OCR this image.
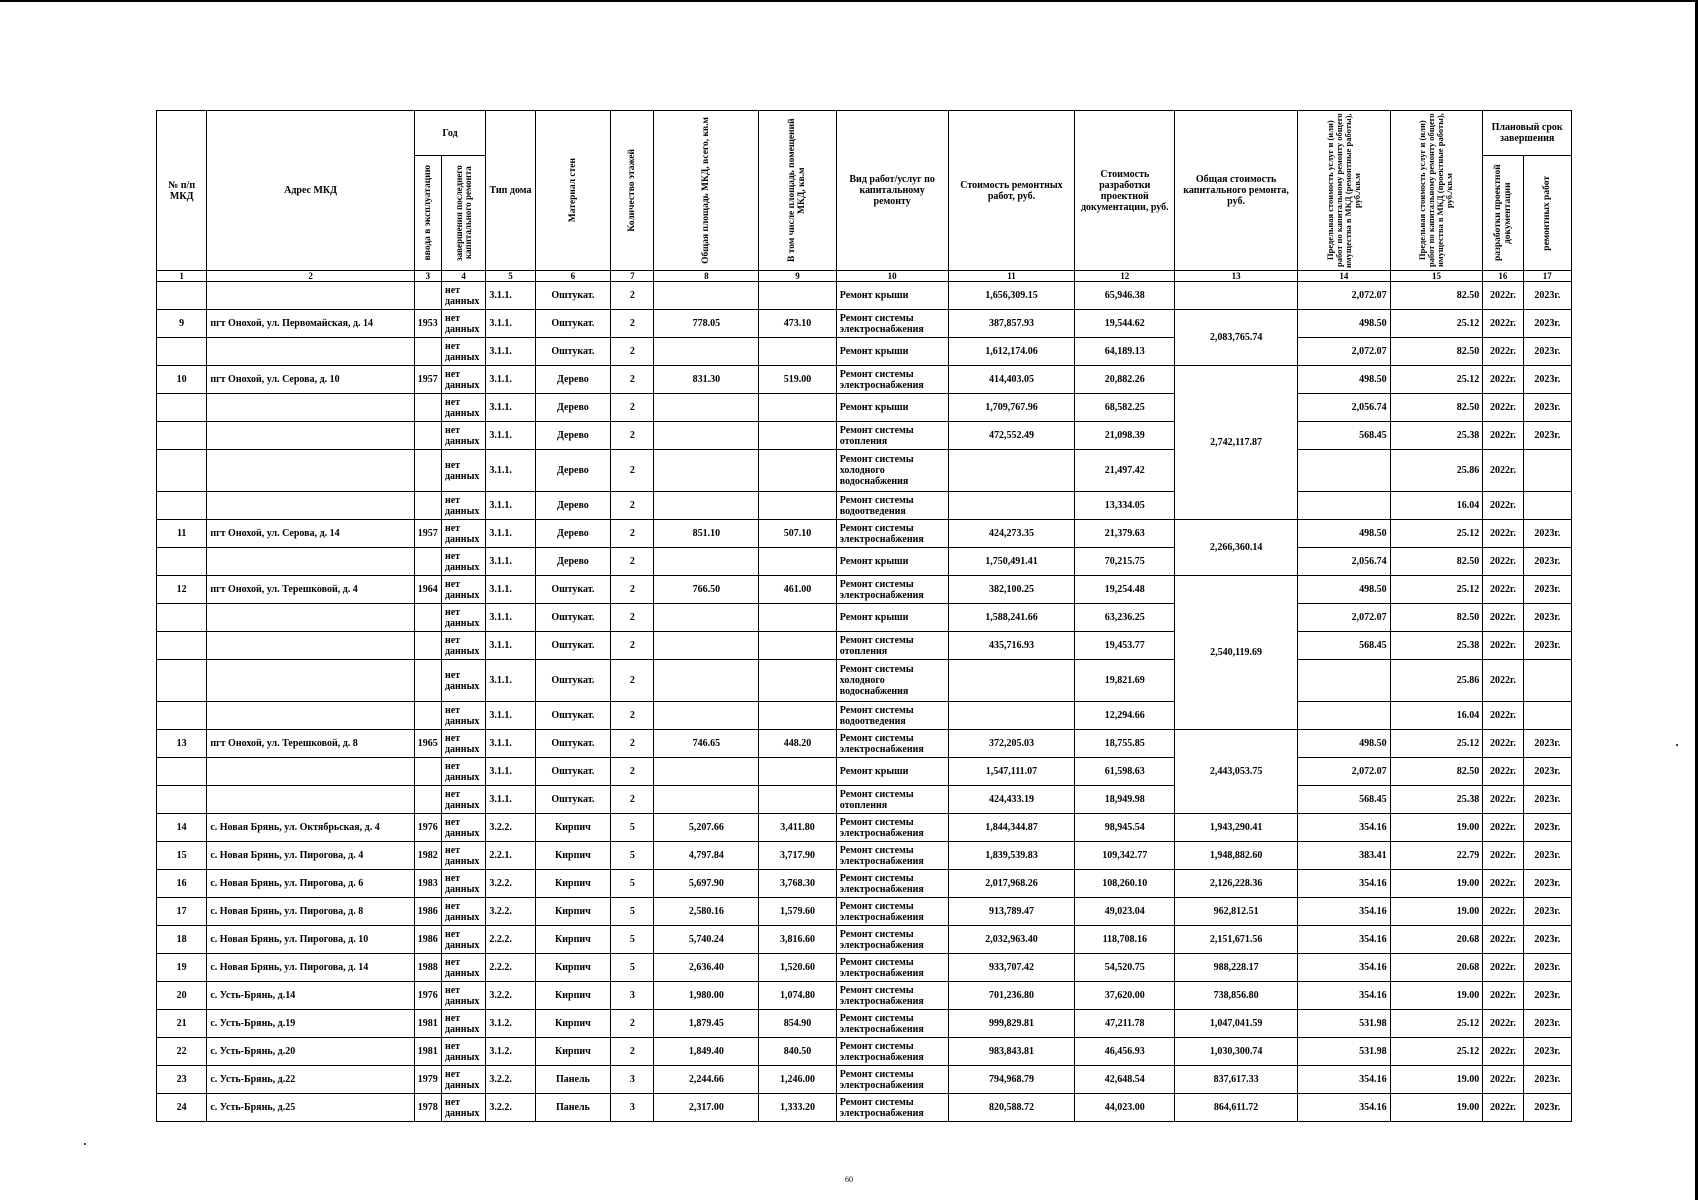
№ п/п МКД	Адрес МКД	Год		Тип дома	Материал стен	Количество этажей	Общая площадь МКД, всего, кв.м	В том числе площадь помещений МКД, кв.м	Вид работ/услуг по капитальному ремонту	Стоимость ремонтных работ, руб.	Стоимость разработки проектной документации, руб.	Общая стоимость капитального ремонта, руб.	Предельная стоимость услуг и (или) работ по капитальному ремонту общего имущества в МКД (ремонтные работы), руб./кв.м	Предельная стоимость услуг и (или) работ по капитальному ремонту общего имущества в МКД (проектные работы), руб./кв.м	Плановый срок завершения	

		ввода в эксплуатацию	завершения последнего капитального ремонта												разработки проектной документации	ремонтных работ

1	2	3	4	5	6	7	8	9	10	11	12	13	14	15	16	17
			нет данных	3.1.1.	Оштукат.	2			Ремонт крыши	1,656,309.15	65,946.38		2,072.07	82.50	2022г.	2023г.
9	пгт Онохой, ул. Первомайская, д. 14	1953	нет данных	3.1.1.	Оштукат.	2	778.05	473.10	Ремонт системы электроснабжения	387,857.93	19,544.62	2,083,765.74	498.50	25.12	2022г.	2023г.
			нет данных	3.1.1.	Оштукат.	2			Ремонт крыши	1,612,174.06	64,189.13		2,072.07	82.50	2022г.	2023г.
10	пгт Онохой, ул. Серова, д. 10	1957	нет данных	3.1.1.	Дерево	2	831.30	519.00	Ремонт системы электроснабжения	414,403.05	20,882.26	2,742,117.87	498.50	25.12	2022г.	2023г.
			нет данных	3.1.1.	Дерево	2			Ремонт крыши	1,709,767.96	68,582.25		2,056.74	82.50	2022г.	2023г.
			нет данных	3.1.1.	Дерево	2			Ремонт системы отопления	472,552.49	21,098.39		568.45	25.38	2022г.	2023г.
			нет данных	3.1.1.	Дерево	2			Ремонт системы холодного водоснабжения		21,497.42			25.86	2022г.	
			нет данных	3.1.1.	Дерево	2			Ремонт системы водоотведения		13,334.05			16.04	2022г.	
11	пгт Онохой, ул. Серова, д. 14	1957	нет данных	3.1.1.	Дерево	2	851.10	507.10	Ремонт системы электроснабжения	424,273.35	21,379.63	2,266,360.14	498.50	25.12	2022г.	2023г.
			нет данных	3.1.1.	Дерево	2			Ремонт крыши	1,750,491.41	70,215.75		2,056.74	82.50	2022г.	2023г.
12	пгт Онохой, ул. Терешковой, д. 4	1964	нет данных	3.1.1.	Оштукат.	2	766.50	461.00	Ремонт системы электроснабжения	382,100.25	19,254.48	2,540,119.69	498.50	25.12	2022г.	2023г.
			нет данных	3.1.1.	Оштукат.	2			Ремонт крыши	1,588,241.66	63,236.25		2,072.07	82.50	2022г.	2023г.
			нет данных	3.1.1.	Оштукат.	2			Ремонт системы отопления	435,716.93	19,453.77		568.45	25.38	2022г.	2023г.
			нет данных	3.1.1.	Оштукат.	2			Ремонт системы холодного водоснабжения		19,821.69			25.86	2022г.	
			нет данных	3.1.1.	Оштукат.	2			Ремонт системы водоотведения		12,294.66			16.04	2022г.	
13	пгт Онохой, ул. Терешковой, д. 8	1965	нет данных	3.1.1.	Оштукат.	2	746.65	448.20	Ремонт системы электроснабжения	372,205.03	18,755.85	2,443,053.75	498.50	25.12	2022г.	2023г.
			нет данных	3.1.1.	Оштукат.	2			Ремонт крыши	1,547,111.07	61,598.63		2,072.07	82.50	2022г.	2023г.
			нет данных	3.1.1.	Оштукат.	2			Ремонт системы отопления	424,433.19	18,949.98		568.45	25.38	2022г.	2023г.
14	с. Новая Брянь, ул. Октябрьская, д. 4	1976	нет данных	3.2.2.	Кирпич	5	5,207.66	3,411.80	Ремонт системы электроснабжения	1,844,344.87	98,945.54	1,943,290.41	354.16	19.00	2022г.	2023г.
15	с. Новая Брянь, ул. Пирогова, д. 4	1982	нет данных	2.2.1.	Кирпич	5	4,797.84	3,717.90	Ремонт системы электроснабжения	1,839,539.83	109,342.77	1,948,882.60	383.41	22.79	2022г.	2023г.
16	с. Новая Брянь, ул. Пирогова, д. 6	1983	нет данных	3.2.2.	Кирпич	5	5,697.90	3,768.30	Ремонт системы электроснабжения	2,017,968.26	108,260.10	2,126,228.36	354.16	19.00	2022г.	2023г.
17	с. Новая Брянь, ул. Пирогова, д. 8	1986	нет данных	3.2.2.	Кирпич	5	2,580.16	1,579.60	Ремонт системы электроснабжения	913,789.47	49,023.04	962,812.51	354.16	19.00	2022г.	2023г.
18	с. Новая Брянь, ул. Пирогова, д. 10	1986	нет данных	2.2.2.	Кирпич	5	5,740.24	3,816.60	Ремонт системы электроснабжения	2,032,963.40	118,708.16	2,151,671.56	354.16	20.68	2022г.	2023г.
19	с. Новая Брянь, ул. Пирогова, д. 14	1988	нет данных	2.2.2.	Кирпич	5	2,636.40	1,520.60	Ремонт системы электроснабжения	933,707.42	54,520.75	988,228.17	354.16	20.68	2022г.	2023г.
20	с. Усть-Брянь, д.14	1976	нет данных	3.2.2.	Кирпич	3	1,980.00	1,074.80	Ремонт системы электроснабжения	701,236.80	37,620.00	738,856.80	354.16	19.00	2022г.	2023г.
21	с. Усть-Брянь, д.19	1981	нет данных	3.1.2.	Кирпич	2	1,879.45	854.90	Ремонт системы электроснабжения	999,829.81	47,211.78	1,047,041.59	531.98	25.12	2022г.	2023г.
22	с. Усть-Брянь, д.20	1981	нет данных	3.1.2.	Кирпич	2	1,849.40	840.50	Ремонт системы электроснабжения	983,843.81	46,456.93	1,030,300.74	531.98	25.12	2022г.	2023г.
23	с. Усть-Брянь, д.22	1979	нет данных	3.2.2.	Панель	3	2,244.66	1,246.00	Ремонт системы электроснабжения	794,968.79	42,648.54	837,617.33	354.16	19.00	2022г.	2023г.
24	с. Усть-Брянь, д.25	1978	нет данных	3.2.2.	Панель	3	2,317.00	1,333.20	Ремонт системы электроснабжения	820,588.72	44,023.00	864,611.72	354.16	19.00	2022г.	2023г.
60
